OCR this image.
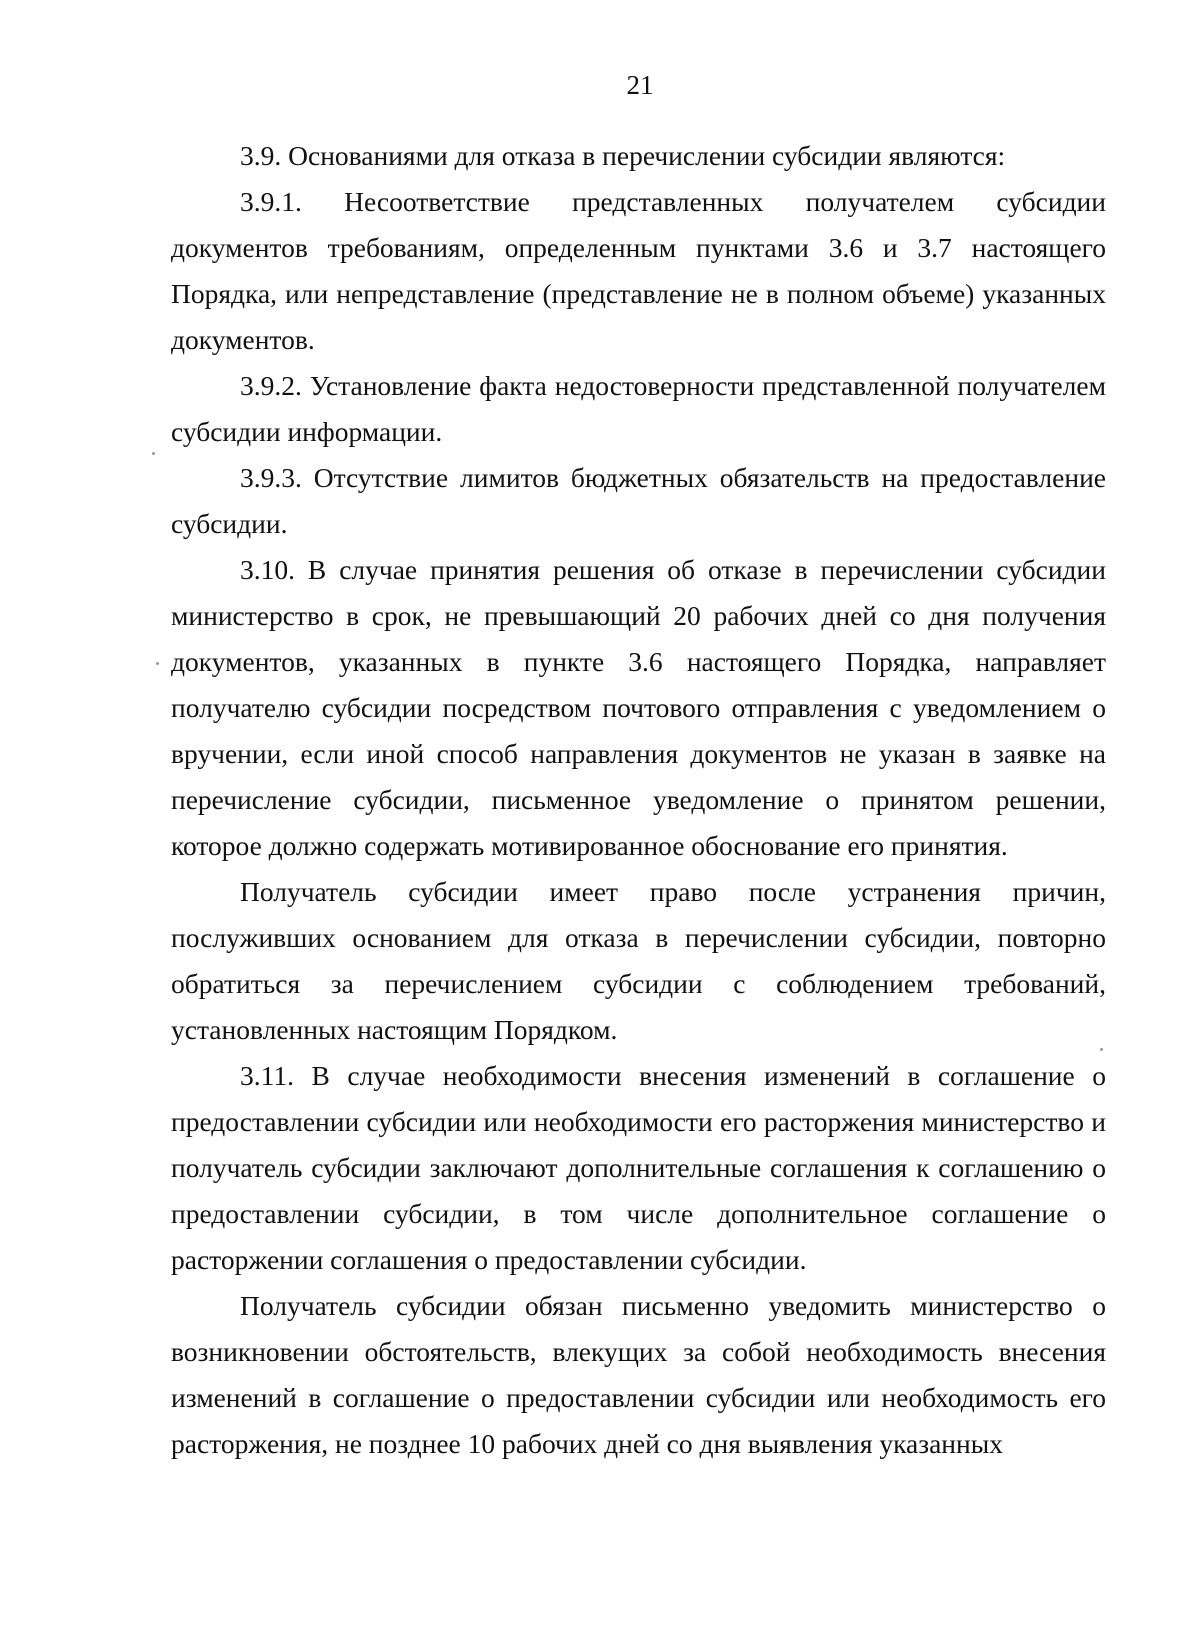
21

3.9. Основаниями для отказа в перечислении субсидии являются:

3.9.1. Несоответствие представленных получателем субсидии документов требованиям, определенным пунктами 3.6 и 3.7 настоящего Порядка, или непредставление (представление не в полном объеме) указанных документов.

3.9.2. Установление факта недостоверности представленной получателем субсидии информации.

3.9.3. Отсутствие лимитов бюджетных обязательств на предоставление субсидии.

3.10. В случае принятия решения об отказе в перечислении субсидии министерство в срок, не превышающий 20 рабочих дней со дня получения документов, указанных в пункте 3.6 настоящего Порядка, направляет получателю субсидии посредством почтового отправления с уведомлением о вручении, если иной способ направления документов не указан в заявке на перечисление субсидии, письменное уведомление о принятом решении, которое должно содержать мотивированное обоснование его принятия.

Получатель субсидии имеет право после устранения причин, послуживших основанием для отказа в перечислении субсидии, повторно обратиться за перечислением субсидии с соблюдением требований, установленных настоящим Порядком.

3.11. В случае необходимости внесения изменений в соглашение о предоставлении субсидии или необходимости его расторжения министерство и получатель субсидии заключают дополнительные соглашения к соглашению о предоставлении субсидии, в том числе дополнительное соглашение о расторжении соглашения о предоставлении субсидии.

Получатель субсидии обязан письменно уведомить министерство о возникновении обстоятельств, влекущих за собой необходимость внесения изменений в соглашение о предоставлении субсидии или необходимость его расторжения, не позднее 10 рабочих дней со дня выявления указанных
